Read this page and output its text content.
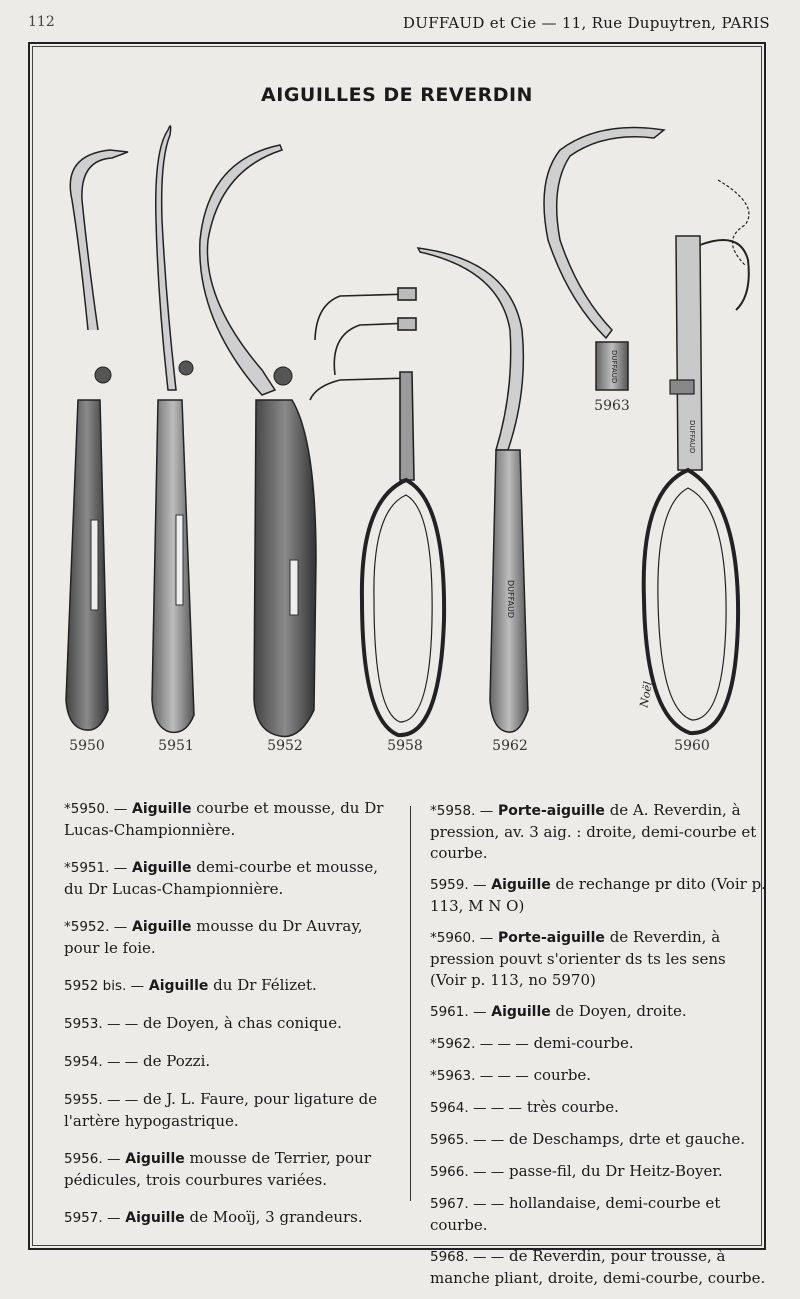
112	DUFFAUD et Cie — 11, Rue Dupuytren, PARIS
AIGUILLES DE REVERDIN
DUFFAUD
DUFFAUD
DUFFAUD
5950	5951	5952	5958	5962
5963
5960
Noël
*5950. — Aiguille courbe et mousse, du Dr Lucas-Championnière.
*5951. — Aiguille demi-courbe et mousse, du Dr Lucas-Championnière.
*5952. — Aiguille mousse du Dr Auvray, pour le foie.
5952 bis. — Aiguille du Dr Félizet.
5953. — — de Doyen, à chas conique.
5954. — — de Pozzi.
5955. — — de J. L. Faure, pour ligature de l'artère hypogastrique.
5956. — Aiguille mousse de Terrier, pour pédicules, trois courbures variées.
5957. — Aiguille de Mooïj, 3 grandeurs.
*5958. — Porte-aiguille de A. Reverdin, à pression, av. 3 aig. : droite, demi-courbe et courbe.
5959. — Aiguille de rechange pr dito (Voir p. 113, M N O)
*5960. — Porte-aiguille de Reverdin, à pression pouvt s'orienter ds ts les sens (Voir p. 113, no 5970)
5961. — Aiguille de Doyen, droite.
*5962. — — — demi-courbe.
*5963. — — — courbe.
5964. — — — très courbe.
5965. — — de Deschamps, drte et gauche.
5966. — — passe-fil, du Dr Heitz-Boyer.
5967. — — hollandaise, demi-courbe et courbe.
5968. — — de Reverdin, pour trousse, à manche pliant, droite, demi-courbe, courbe.
